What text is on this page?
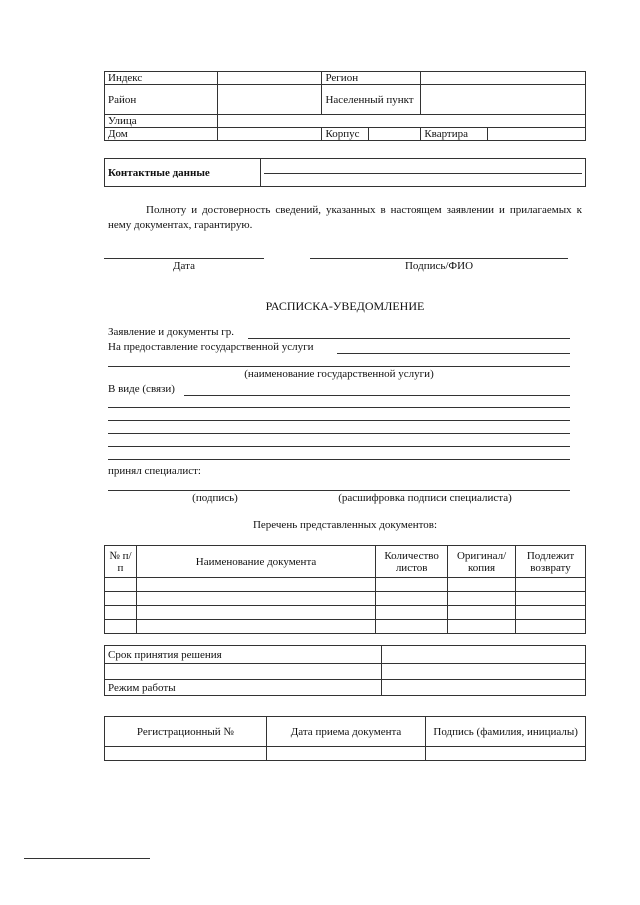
Индекс		Регион			
Район		Населенный пункт			
Улица					
Дом		Корпус		Квартира	
Контактные данные	
Полноту и достоверность сведений, указанных в настоящем заявлении и прилагаемых к нему документах, гарантирую.
Дата	Подпись/ФИО
РАСПИСКА-УВЕДОМЛЕНИЕ
Заявление и документы гр.
На предоставление государственной услуги
(наименование государственной услуги)
В виде (связи)
принял специалист:
(подпись)	(расшифровка подписи специалиста)
Перечень представленных документов:
№ п/п	Наименование документа	Количество листов	Оригинал/ копия	Подлежит возврату

Срок принятия решения	

Режим работы	
Регистрационный №	Дата приема документа	Подпись (фамилия, инициалы)
